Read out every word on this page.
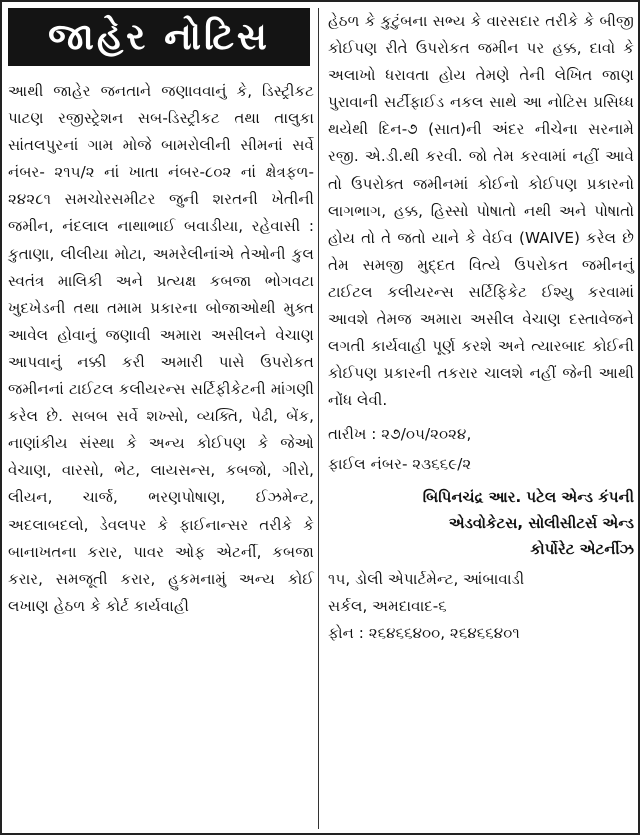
જાહેર નોટિસ
આથી જાહેર જનતાને જણાવવાનું કે, ડિસ્ટ્રીકટ પાટણ રજીસ્ટ્રેશન સબ-ડિસ્ટ્રીકટ તથા તાલુકા સાંતલપુરનાં ગામ મોજે બામરોલીની સીમનાં સર્વે નંબર- ૨૧૫/૨ નાં ખાતા નંબર-૮૦૨ નાં ક્ષેત્રફળ- ૨૪૨૮૧ સમચોરસમીટર જુની શરતની ખેતીની જમીન, નંદલાલ નાથાભાઈ બવાડીયા, રહેવાસી : કુતાણા, લીલીયા મોટા, અમરેલીનાંએ તેઓની કુલ સ્વતંત્ર માલિકી અને પ્રત્યક્ષ કબજા ભોગવટા ખુદખેડની તથા તમામ પ્રકારના બોજાઓથી મુક્ત આવેલ હોવાનું જણાવી અમારા અસીલને વેચાણ આપવાનું નક્કી કરી અમારી પાસે ઉપરોકત જમીનનાં ટાઈટલ કલીયરન્સ સર્ટિફીકેટની માંગણી કરેલ છે. સબબ સર્વે શખ્સો, વ્યક્તિ, પેઢી, બેંક, નાણાંકીય સંસ્થા કે અન્ય કોઈપણ કે જેઓ વેચાણ, વારસો, ભેટ, લાયસન્સ, કબજો, ગીરો, લીયન, ચાર્જ, ભરણપોષાણ, ઈઝમેન્ટ, અદલાબદલો, ડેવલપર કે ફાઈનાન્સર તરીકે કે બાનાખતના કરાર, પાવર ઓફ એટર્ની, કબજા કરાર, સમજૂતી કરાર, હુકમનામું અન્ય કોઈ લખાણ હેઠળ કે કોર્ટ કાર્યવાહી
હેઠળ કે કુટુંબના સભ્ય કે વારસદાર તરીકે કે બીજી કોઈપણ રીતે ઉપરોકત જમીન પર હક્ક, દાવો કે અલાખો ધરાવતા હોય તેમણે તેની લેખિત જાણ પુરાવાની સર્ટીફાઈડ નકલ સાથે આ નોટિસ પ્રસિધ્ધ થયેથી દિન-૭ (સાત)ની અંદર નીચેના સરનામે રજી. એ.ડી.થી કરવી. જો તેમ કરવામાં નહીં આવે તો ઉપરોક્ત જમીનમાં કોઈનો કોઈપણ પ્રકારનો લાગભાગ, હક્ક, હિસ્સો પોષાતો નથી અને પોષાતો હોય તો તે જતો યાને કે વેઈવ (WAIVE) કરેલ છે તેમ સમજી મુદ્દત વિત્યે ઉપરોકત જમીનનું ટાઈટલ કલીયરન્સ સર્ટિફિકેટ ઈશ્યુ કરવામાં આવશે તેમજ અમારા અસીલ વેચાણ દસ્તાવેજને લગતી કાર્યવાહી પૂર્ણ કરશે અને ત્યારબાદ કોઈની કોઈપણ પ્રકારની તકરાર ચાલશે નહીં જેની આથી નોંધ લેવી.
તારીખ : ૨૭/૦૫/૨૦૨૪,
ફાઈલ નંબર- ૨૩૬૬૯/૨
બિપિનચંદ્ર આર. પટેલ એન્ડ કંપની
એડવોકેટસ, સોલીસીટર્સ એન્ડ
કોર્પોરેટ એટર્નીઝ
૧૫, ડોલી એપાર્ટમેન્ટ, આંબાવાડી
સર્કલ, અમદાવાદ-૬
ફોન : ૨૬૪૬૬૪૦૦, ૨૬૪૬૬૪૦૧
